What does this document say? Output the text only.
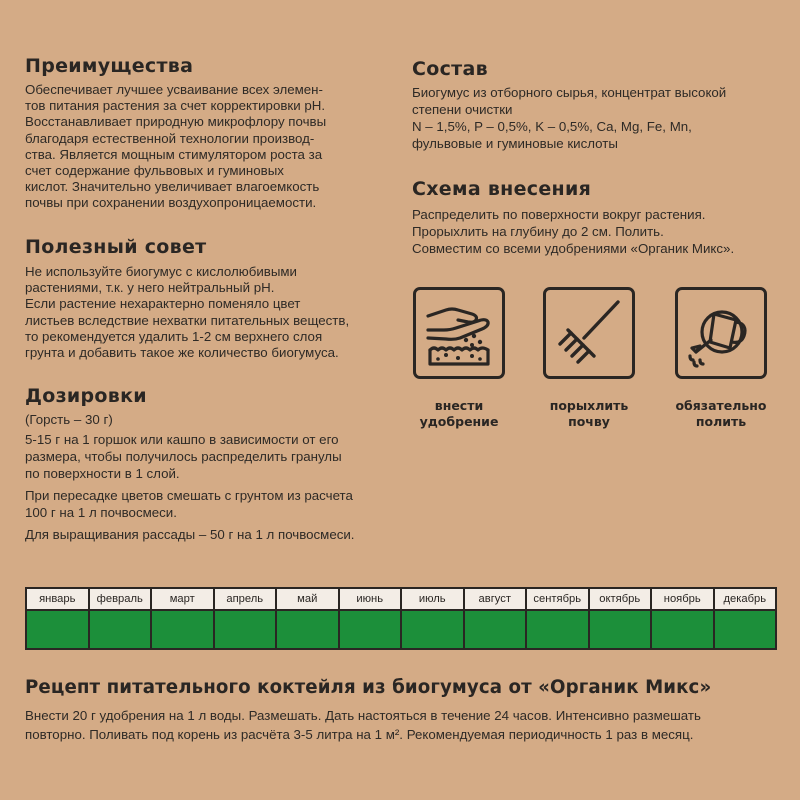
Преимущества

Обеспечивает лучшее усваивание всех элемен-

тов питания растения за счет корректировки рН.

Восстанавливает природную микрофлору почвы

благодаря естественной технологии производ-

ства. Является мощным стимулятором роста за

счет содержание фульвовых и гуминовых

кислот. Значительно увеличивает влагоемкость

почвы при сохранении воздухопроницаемости.

Полезный совет

Не используйте биогумус с кислолюбивыми

растениями, т.к. у него нейтральный рН.

Если растение нехарактерно поменяло цвет

листьев вследствие нехватки питательных веществ,

то рекомендуется удалить 1-2 см верхнего слоя

грунта и добавить такое же количество биогумуса.

Дозировки

(Горсть – 30 г)

5-15 г на 1 горшок или кашпо в зависимости от его

размера, чтобы получилось распределить гранулы

по поверхности в 1 слой.

При пересадке цветов смешать с грунтом из расчета

100 г на 1 л почвосмеси.

Для выращивания рассады – 50 г на 1 л почвосмеси.

Состав

Биогумус из отборного сырья, концентрат высокой

степени очистки

N – 1,5%, P – 0,5%, K – 0,5%, Ca, Mg, Fe, Mn,

фульвовые и гуминовые кислоты

Схема внесения

Распределить по поверхности вокруг растения.

Прорыхлить на глубину до 2 см. Полить.

Совместим со всеми удобрениями «Органик Микс».

внести
удобрение
порыхлить
почву
обязательно
полить
январь	февраль	март	апрель	май	июнь	июль	август	сентябрь	октябрь	ноябрь	декабрь
Рецепт питательного коктейля из биогумуса от «Органик Микс»

Внести 20 г удобрения на 1 л воды. Размешать. Дать настояться в течение 24 часов. Интенсивно размешать

повторно. Поливать под корень из расчёта 3-5 литра на 1 м². Рекомендуемая периодичность 1 раз в месяц.
